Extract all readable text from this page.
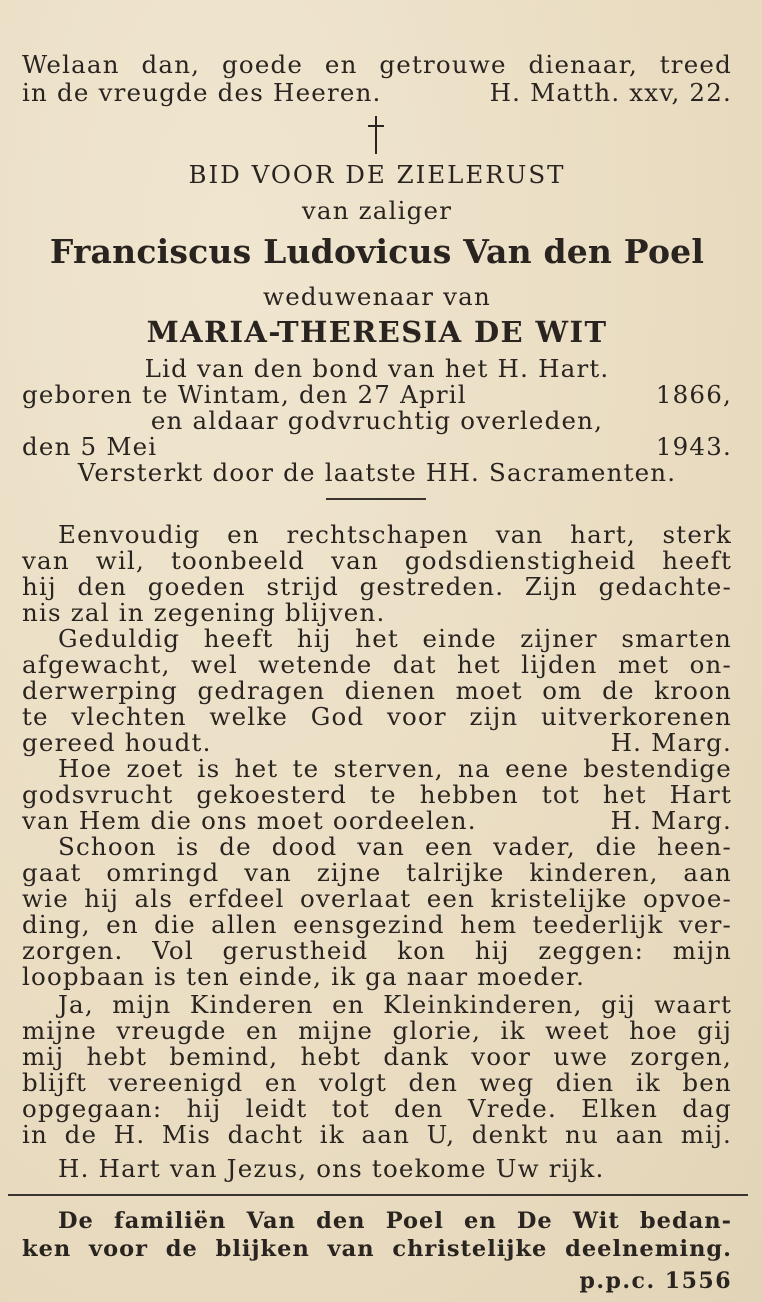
Welaan dan, goede en getrouwe dienaar, treed
in de vreugde des Heeren.	H. Matth. xxv, 22.
BID VOOR DE ZIELERUST
van zaliger
Franciscus Ludovicus Van den Poel
weduwenaar van
MARIA-THERESIA DE WIT
Lid van den bond van het H. Hart.
geboren te Wintam, den 27 April	1866,
en aldaar godvruchtig overleden,
den 5 Mei	1943.
Versterkt door de laatste HH. Sacramenten.
Eenvoudig en rechtschapen van hart, sterk
van wil, toonbeeld van godsdienstigheid heeft
hij den goeden strijd gestreden. Zijn gedachte-
nis zal in zegening blijven.
Geduldig heeft hij het einde zijner smarten
afgewacht, wel wetende dat het lijden met on-
derwerping gedragen dienen moet om de kroon
te vlechten welke God voor zijn uitverkorenen
gereed houdt.	H. Marg.
Hoe zoet is het te sterven, na eene bestendige
godsvrucht gekoesterd te hebben tot het Hart
van Hem die ons moet oordeelen.	H. Marg.
Schoon is de dood van een vader, die heen-
gaat omringd van zijne talrijke kinderen, aan
wie hij als erfdeel overlaat een kristelijke opvoe-
ding, en die allen eensgezind hem teederlijk ver-
zorgen. Vol gerustheid kon hij zeggen: mijn
loopbaan is ten einde, ik ga naar moeder.
Ja, mijn Kinderen en Kleinkinderen, gij waart
mijne vreugde en mijne glorie, ik weet hoe gij
mij hebt bemind, hebt dank voor uwe zorgen,
blijft vereenigd en volgt den weg dien ik ben
opgegaan: hij leidt tot den Vrede. Elken dag
in de H. Mis dacht ik aan U, denkt nu aan mij.
H. Hart van Jezus, ons toekome Uw rijk.
De familiën Van den Poel en De Wit bedan-
ken voor de blijken van christelijke deelneming.
p.p.c. 1556
